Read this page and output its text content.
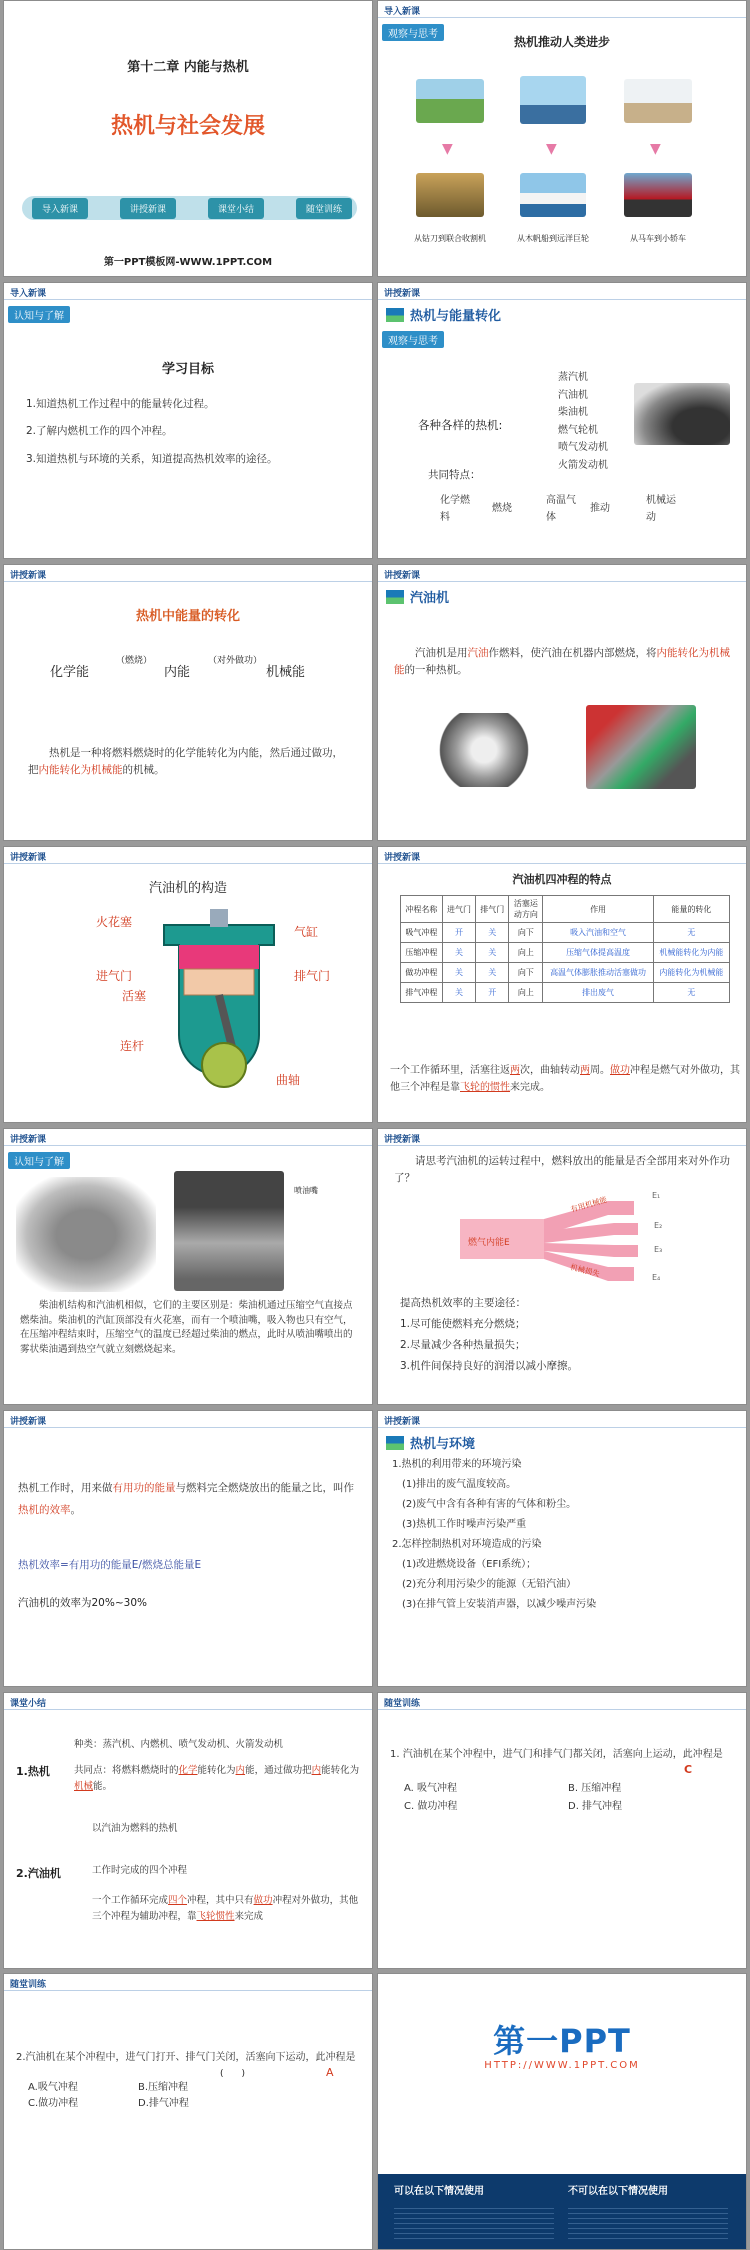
第十二章 内能与热机
热机与社会发展
导入新课	讲授新课	课堂小结	随堂训练
第一PPT模板网-WWW.1PPT.COM
导入新课
观察与思考
热机推动人类进步
▼	▼	▼
从钻刀到联合收割机	从木帆船到远洋巨轮	从马车到小轿车
导入新课
认知与了解
学习目标
1.知道热机工作过程中的能量转化过程。
2.了解内燃机工作的四个冲程。
3.知道热机与环境的关系，知道提高热机效率的途径。
讲授新课
热机与能量转化
观察与思考
蒸汽机
汽油机
柴油机
燃气轮机
喷气发动机
火箭发动机
各种各样的热机:
共同特点：
化学燃料
燃烧
高温气体
推动
机械运动
讲授新课
热机中能量的转化
化学能
（燃烧）
内能
（对外做功）
机械能
热机是一种将燃料燃烧时的化学能转化为内能，然后通过做功，把内能转化为机械能的机械。
讲授新课
汽油机
汽油机是用汽油作燃料，使汽油在机器内部燃烧，将内能转化为机械能的一种热机。
讲授新课
汽油机的构造
火花塞
气缸
进气门	排气门
活塞
连杆
曲轴
讲授新课
汽油机四冲程的特点
冲程名称	进气门	排气门	活塞运动方向	作用	能量的转化
吸气冲程	开	关	向下	吸入汽油和空气	无
压缩冲程	关	关	向上	压缩气体提高温度	机械能转化为内能
做功冲程	关	关	向下	高温气体膨胀推动活塞做功	内能转化为机械能
排气冲程	关	开	向上	排出废气	无
一个工作循环里，活塞往返两次，曲轴转动两周。做功冲程是燃气对外做功，其他三个冲程是靠飞轮的惯性来完成。
讲授新课
认知与了解
喷油嘴
柴油机结构和汽油机相似，它们的主要区别是：柴油机通过压缩空气直接点燃柴油。柴油机的汽缸顶部没有火花塞，而有一个喷油嘴，吸入物也只有空气，在压缩冲程结束时，压缩空气的温度已经超过柴油的燃点，此时从喷油嘴喷出的雾状柴油遇到热空气就立刻燃烧起来。
讲授新课
请思考汽油机的运转过程中，燃料放出的能量是否全部用来对外作功了？
燃气内能E
有用机械能
机械损失
E₁
E₂
E₃
E₄
提高热机效率的主要途径：
1.尽可能使燃料充分燃烧；
2.尽量减少各种热量损失；
3.机件间保持良好的润滑以减小摩擦。
讲授新课
热机工作时，用来做有用功的能量与燃料完全燃烧放出的能量之比，叫作热机的效率。
热机效率=有用功的能量E/燃烧总能量E
汽油机的效率为20%~30%
讲授新课
热机与环境
1.热机的利用带来的环境污染
(1)排出的废气温度较高。
(2)废气中含有各种有害的气体和粉尘。
(3)热机工作时噪声污染严重
2.怎样控制热机对环境造成的污染
(1)改进燃烧设备（EFI系统）；
(2)充分利用污染少的能源（无铅汽油）
(3)在排气管上安装消声器，以减少噪声污染
课堂小结
1.热机
种类：蒸汽机、内燃机、喷气发动机、火箭发动机
共同点：将燃料燃烧时的化学能转化为内能，通过做功把内能转化为机械能。
以汽油为燃料的热机
2.汽油机	工作时完成的四个冲程
一个工作循环完成四个冲程，其中只有做功冲程对外做功，其他三个冲程为辅助冲程，靠飞轮惯性来完成
随堂训练
1. 汽油机在某个冲程中，进气门和排气门都关闭，活塞向上运动，此冲程是
C
A. 吸气冲程	B. 压缩冲程
C. 做功冲程	D. 排气冲程
随堂训练
2.汽油机在某个冲程中，进气门打开、排气门关闭，活塞向下运动，此冲程是
(　　)	A
A.吸气冲程	B.压缩冲程
C.做功冲程	D.排气冲程
第一PPT
HTTP://WWW.1PPT.COM
可以在以下情况使用	不可以在以下情况使用
